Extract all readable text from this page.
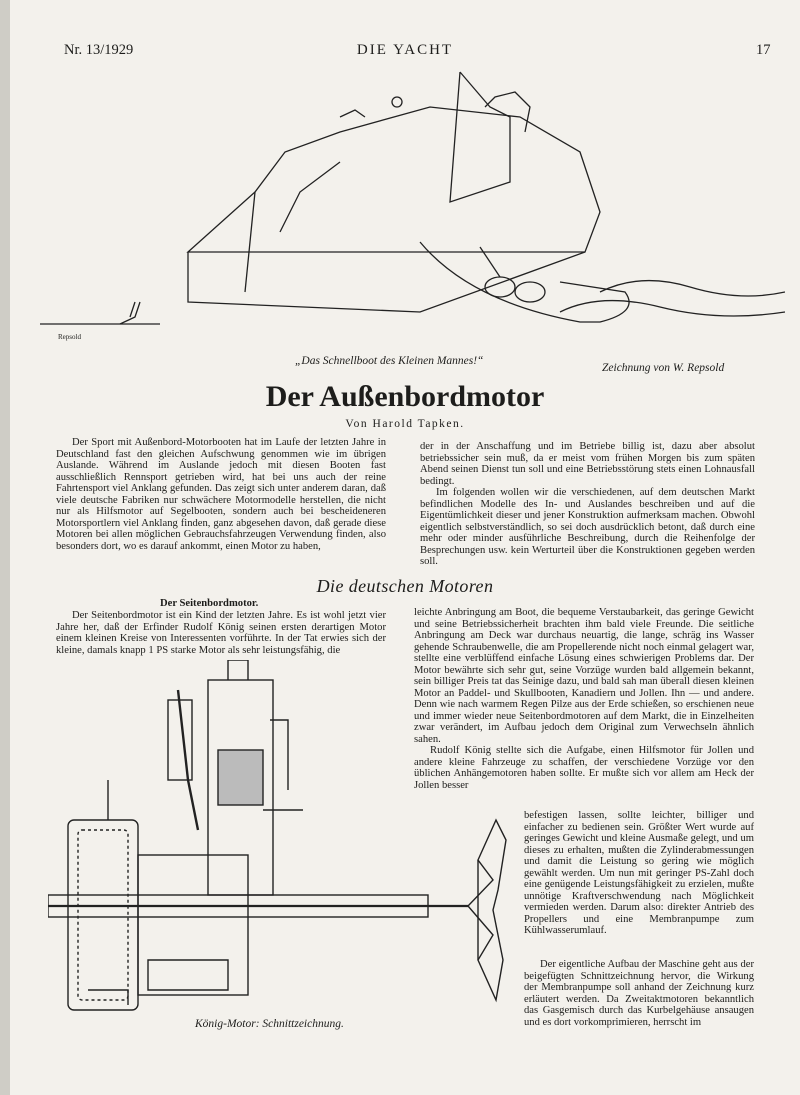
Nr. 13/1929	DIE YACHT	17
Repsold
„Das Schnellboot des Kleinen Mannes!“
Zeichnung von W. Repsold
Der Außenbordmotor
Von Harold Tapken.

Der Sport mit Außenbord-Motorbooten hat im Laufe der letzten Jahre in Deutschland fast den gleichen Aufschwung genommen wie im übrigen Auslande. Während im Auslande jedoch mit diesen Booten fast ausschließlich Rennsport getrieben wird, hat bei uns auch der reine Fahrtensport viel Anklang gefunden. Das zeigt sich unter anderem daran, daß viele deutsche Fabriken nur schwächere Motormodelle herstellen, die nicht nur als Hilfsmotor auf Segelbooten, sondern auch bei bescheideneren Motorsportlern viel Anklang finden, ganz abgesehen davon, daß gerade diese Motoren bei allen möglichen Gebrauchsfahrzeugen Verwendung finden, also besonders dort, wo es darauf ankommt, einen Motor zu haben,

der in der Anschaffung und im Betriebe billig ist, dazu aber absolut betriebssicher sein muß, da er meist vom frühen Morgen bis zum späten Abend seinen Dienst tun soll und eine Betriebsstörung stets einen Lohnausfall bedingt.

Im folgenden wollen wir die verschiedenen, auf dem deutschen Markt befindlichen Modelle des In- und Auslandes beschreiben und auf die Eigentümlichkeit dieser und jener Konstruktion aufmerksam machen. Obwohl eigentlich selbstverständlich, so sei doch ausdrücklich betont, daß durch eine mehr oder minder ausführliche Beschreibung, durch die Reihenfolge der Besprechungen usw. kein Werturteil über die Konstruktionen gegeben werden soll.

Die deutschen Motoren
Der Seitenbordmotor.

Der Seitenbordmotor ist ein Kind der letzten Jahre. Es ist wohl jetzt vier Jahre her, daß der Erfinder Rudolf König seinen ersten derartigen Motor einem kleinen Kreise von Interessenten vorführte. In der Tat erwies sich der kleine, damals knapp 1 PS starke Motor als sehr leistungsfähig, die

leichte Anbringung am Boot, die bequeme Verstaubarkeit, das geringe Gewicht und seine Betriebssicherheit brachten ihm bald viele Freunde. Die seitliche Anbringung am Deck war durchaus neuartig, die lange, schräg ins Wasser gehende Schraubenwelle, die am Propellerende nicht noch einmal gelagert war, stellte eine verblüffend einfache Lösung eines schwierigen Problems dar. Der Motor bewährte sich sehr gut, seine Vorzüge wurden bald allgemein bekannt, sein billiger Preis tat das Seinige dazu, und bald sah man überall diesen kleinen Motor an Paddel- und Skullbooten, Kanadiern und Jollen. Ihn — und andere. Denn wie nach warmem Regen Pilze aus der Erde schießen, so erschienen neue und immer wieder neue Seitenbordmotoren auf dem Markt, die in Einzelheiten zwar verändert, im Aufbau jedoch dem Original zum Verwechseln ähnlich sahen.

Rudolf König stellte sich die Aufgabe, einen Hilfsmotor für Jollen und andere kleine Fahrzeuge zu schaffen, der verschiedene Vorzüge vor den üblichen Anhängemotoren haben sollte. Er mußte sich vor allem am Heck der Jollen besser

befestigen lassen, sollte leichter, billiger und einfacher zu bedienen sein. Größter Wert wurde auf geringes Gewicht und kleine Ausmaße gelegt, und um dieses zu erhalten, mußten die Zylinderabmessungen und damit die Leistung so gering wie möglich gewählt werden. Um nun mit geringer PS-Zahl doch eine genügende Leistungsfähigkeit zu erzielen, mußte unnötige Kraftverschwendung nach Möglichkeit vermieden werden. Darum also: direkter Antrieb des Propellers und eine Membranpumpe zum Kühlwasserumlauf.

Der eigentliche Aufbau der Maschine geht aus der beigefügten Schnittzeichnung hervor, die Wirkung der Membranpumpe soll anhand der Zeichnung kurz erläutert werden. Da Zweitaktmotoren bekanntlich das Gasgemisch durch das Kurbelgehäuse ansaugen und es dort vorkomprimieren, herrscht im

König-Motor: Schnittzeichnung.
